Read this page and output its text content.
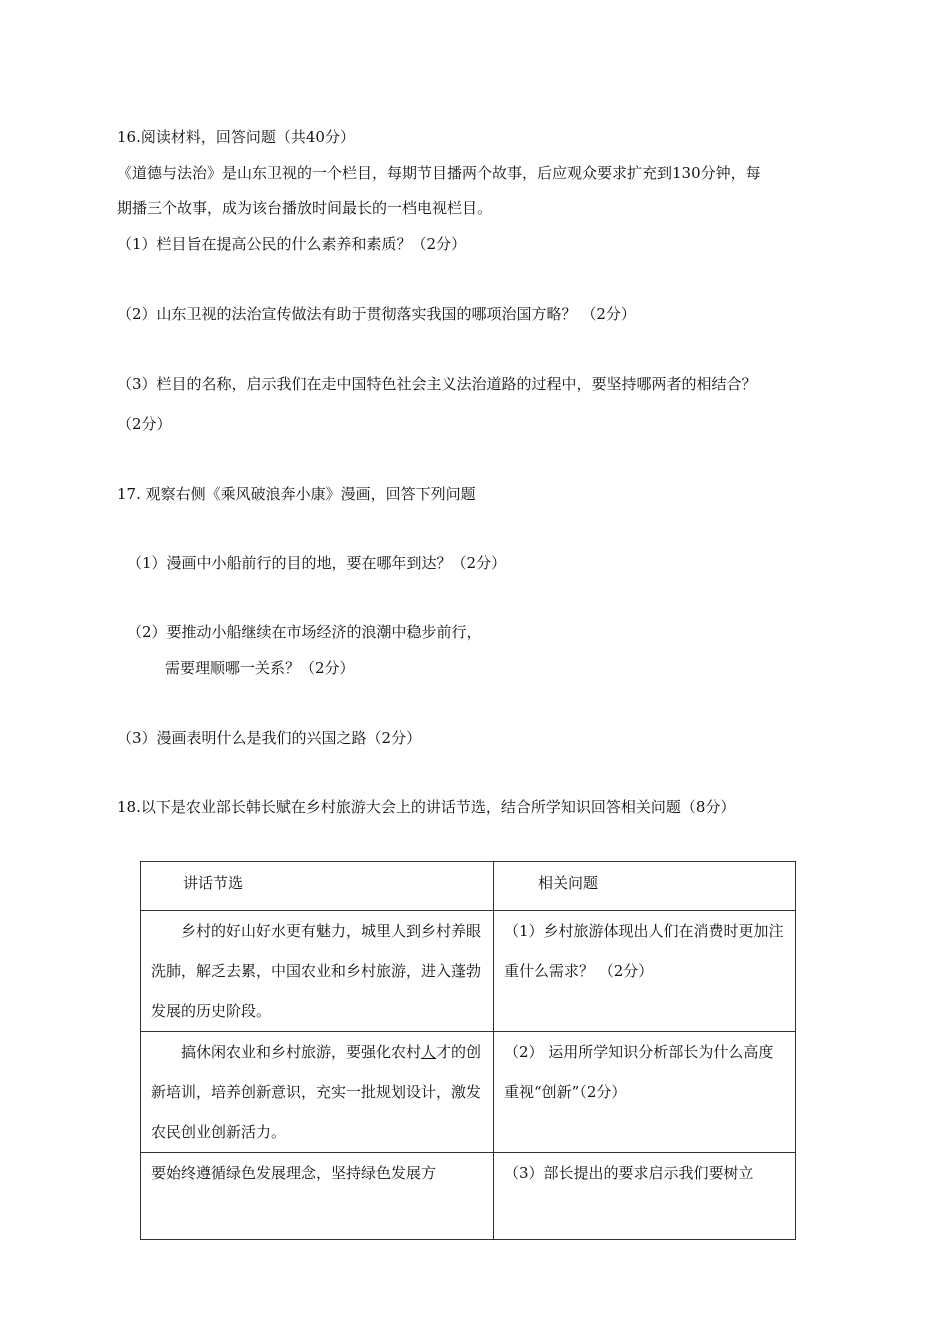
16.阅读材料，回答问题（共40分）
《道德与法治》是山东卫视的一个栏目，每期节目播两个故事，后应观众要求扩充到130分钟，每
期播三个故事，成为该台播放时间最长的一档电视栏目。
（1）栏目旨在提高公民的什么素养和素质？（2分）
（2）山东卫视的法治宣传做法有助于贯彻落实我国的哪项治国方略？ （2分）
（3）栏目的名称，启示我们在走中国特色社会主义法治道路的过程中，要坚持哪两者的相结合？
（2分）
17. 观察右侧《乘风破浪奔小康》漫画，回答下列问题
（1）漫画中小船前行的目的地，要在哪年到达？（2分）
（2）要推动小船继续在市场经济的浪潮中稳步前行，
需要理顺哪一关系？（2分）
（3）漫画表明什么是我们的兴国之路（2分）
18.以下是农业部长韩长赋在乡村旅游大会上的讲话节选，结合所学知识回答相关问题（8分）
讲话节选	相关问题

乡村的好山好水更有魅力，城里人到乡村养眼洗肺，解乏去累，中国农业和乡村旅游，进入蓬勃发展的历史阶段。	（1）乡村旅游体现出人们在消费时更加注重什么需求？ （2分）
搞休闲农业和乡村旅游，要强化农村人才的创新培训，培养创新意识，充实一批规划设计，激发农民创业创新活力。	（2） 运用所学知识分析部长为什么高度重视“创新”（2分）
要始终遵循绿色发展理念，坚持绿色发展方	（3）部长提出的要求启示我们要树立
